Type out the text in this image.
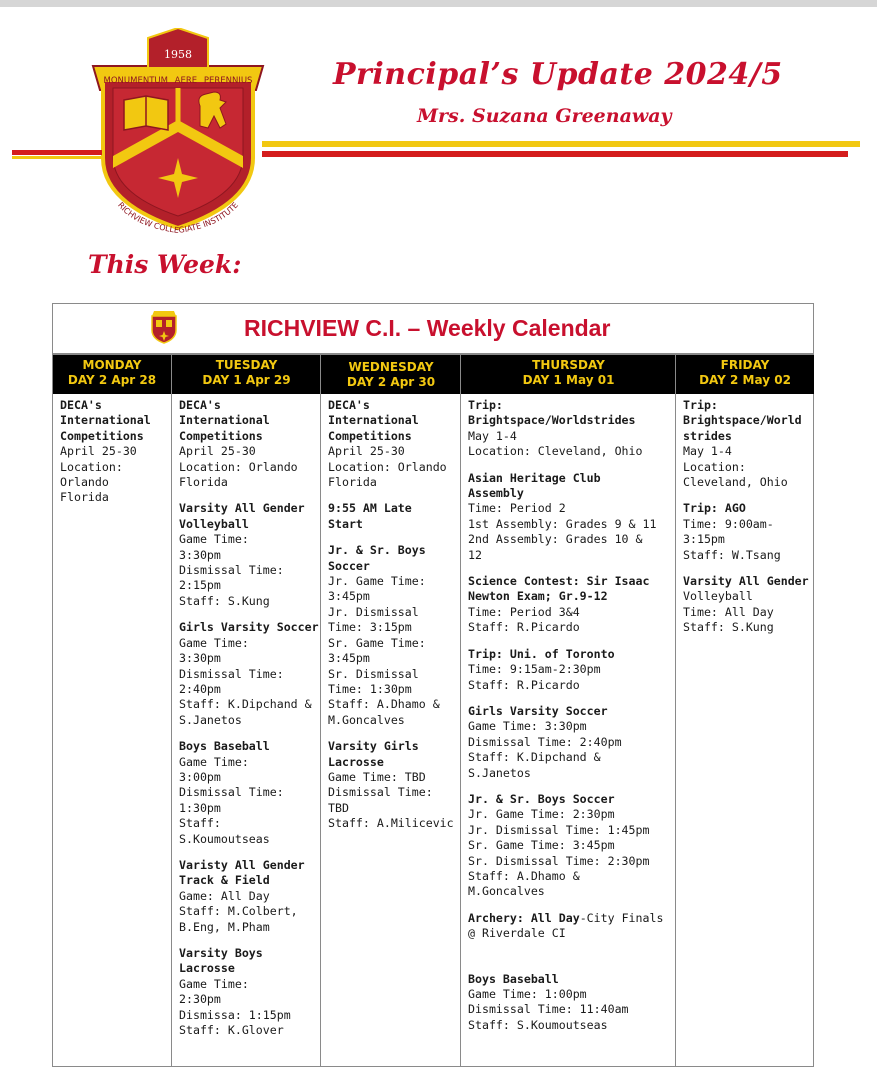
1958
MONUMENTUM AERE PERENNIUS
RICHVIEW COLLEGIATE INSTITUTE
Principal’s Update 2024/5
Mrs. Suzana Greenaway
This Week:
RICHVIEW C.I. – Weekly Calendar
MONDAY
DAY 2 Apr 28
DECA's
International
Competitions
April 25-30
Location:
Orlando
Florida
TUESDAY
DAY 1 Apr 29
DECA's
International
Competitions
April 25-30
Location: Orlando
Florida
Varsity All Gender
Volleyball
Game Time:
3:30pm
Dismissal Time:
2:15pm
Staff: S.Kung
Girls Varsity Soccer
Game Time:
3:30pm
Dismissal Time:
2:40pm
Staff: K.Dipchand &
S.Janetos
Boys Baseball
Game Time:
3:00pm
Dismissal Time:
1:30pm
Staff:
S.Koumoutseas
Varisty All Gender
Track & Field
Game: All Day
Staff: M.Colbert,
B.Eng, M.Pham
Varsity Boys
Lacrosse
Game Time:
2:30pm
Dismissa: 1:15pm
Staff: K.Glover
WEDNESDAY
DAY 2 Apr 30
DECA's
International
Competitions
April 25-30
Location: Orlando
Florida
9:55 AM Late
Start
Jr. & Sr. Boys
Soccer
Jr. Game Time:
3:45pm
Jr. Dismissal
Time: 3:15pm
Sr. Game Time:
3:45pm
Sr. Dismissal
Time: 1:30pm
Staff: A.Dhamo &
M.Goncalves
Varsity Girls
Lacrosse
Game Time: TBD
Dismissal Time:
TBD
Staff: A.Milicevic
THURSDAY
DAY 1 May 01
Trip:
Brightspace/Worldstrides
May 1-4
Location: Cleveland, Ohio
Asian Heritage Club
Assembly
Time: Period 2
1st Assembly: Grades 9 & 11
2nd Assembly: Grades 10 &
12
Science Contest: Sir Isaac
Newton Exam; Gr.9-12
Time: Period 3&4
Staff: R.Picardo
Trip: Uni. of Toronto
Time: 9:15am-2:30pm
Staff: R.Picardo
Girls Varsity Soccer
Game Time: 3:30pm
Dismissal Time: 2:40pm
Staff: K.Dipchand &
S.Janetos
Jr. & Sr. Boys Soccer
Jr. Game Time: 2:30pm
Jr. Dismissal Time: 1:45pm
Sr. Game Time: 3:45pm
Sr. Dismissal Time: 2:30pm
Staff: A.Dhamo &
M.Goncalves
Archery: All Day-City Finals
@ Riverdale CI
Boys Baseball
Game Time: 1:00pm
Dismissal Time: 11:40am
Staff: S.Koumoutseas
FRIDAY
DAY 2 May 02
Trip:
Brightspace/World
strides
May 1-4
Location:
Cleveland, Ohio
Trip: AGO
Time: 9:00am-
3:15pm
Staff: W.Tsang
Varsity All Gender
Volleyball
Time: All Day
Staff: S.Kung
